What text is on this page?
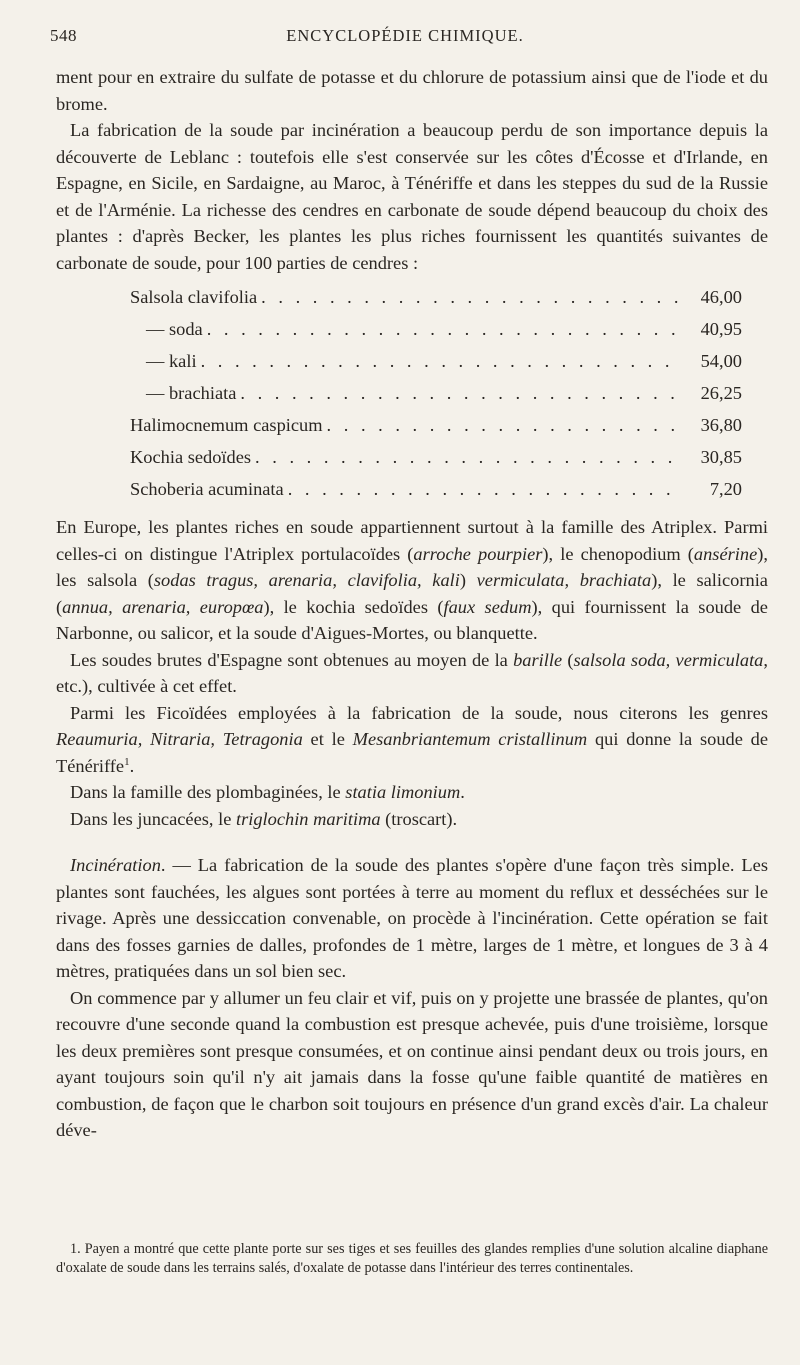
548	ENCYCLOPÉDIE CHIMIQUE.

ment pour en extraire du sulfate de potasse et du chlorure de potassium ainsi que de l'iode et du brome.

La fabrication de la soude par incinération a beaucoup perdu de son importance depuis la découverte de Leblanc : toutefois elle s'est conservée sur les côtes d'Écosse et d'Irlande, en Espagne, en Sicile, en Sardaigne, au Maroc, à Ténériffe et dans les steppes du sud de la Russie et de l'Arménie. La richesse des cendres en carbonate de soude dépend beaucoup du choix des plantes : d'après Becker, les plantes les plus riches fournissent les quantités suivantes de carbonate de soude, pour 100 parties de cendres :

Salsola clavifolia . . .	46,00
— soda . . .	40,95
— kali . . .	54,00
— brachiata . . .	26,25
Halimocnemum caspicum . . .	36,80
Kochia sedoïdes . . .	30,85
Schoberia acuminata . . .	7,20

En Europe, les plantes riches en soude appartiennent surtout à la famille des Atriplex. Parmi celles-ci on distingue l'Atriplex portulacoïdes (arroche pourpier), le chenopodium (ansérine), les salsola (sodas tragus, arenaria, clavifolia, kali) vermiculata, brachiata), le salicornia (annua, arenaria, europœa), le kochia sedoïdes (faux sedum), qui fournissent la soude de Narbonne, ou salicor, et la soude d'Aigues-Mortes, ou blanquette.

Les soudes brutes d'Espagne sont obtenues au moyen de la barille (salsola soda, vermiculata, etc.), cultivée à cet effet.

Parmi les Ficoïdées employées à la fabrication de la soude, nous citerons les genres Reaumuria, Nitraria, Tetragonia et le Mesanbriantemum cristallinum qui donne la soude de Ténériffe$^1$.

Dans la famille des plombaginées, le statia limonium.

Dans les juncacées, le triglochin maritima (troscart).

Incinération. — La fabrication de la soude des plantes s'opère d'une façon très simple. Les plantes sont fauchées, les algues sont portées à terre au moment du reflux et desséchées sur le rivage. Après une dessiccation convenable, on procède à l'incinération. Cette opération se fait dans des fosses garnies de dalles, profondes de 1 mètre, larges de 1 mètre, et longues de 3 à 4 mètres, pratiquées dans un sol bien sec.

On commence par y allumer un feu clair et vif, puis on y projette une brassée de plantes, qu'on recouvre d'une seconde quand la combustion est presque achevée, puis d'une troisième, lorsque les deux premières sont presque consumées, et on continue ainsi pendant deux ou trois jours, en ayant toujours soin qu'il n'y ait jamais dans la fosse qu'une faible quantité de matières en combustion, de façon que le charbon soit toujours en présence d'un grand excès d'air. La chaleur déve-

1. Payen a montré que cette plante porte sur ses tiges et ses feuilles des glandes remplies d'une solution alcaline diaphane d'oxalate de soude dans les terrains salés, d'oxalate de potasse dans l'intérieur des terres continentales.
